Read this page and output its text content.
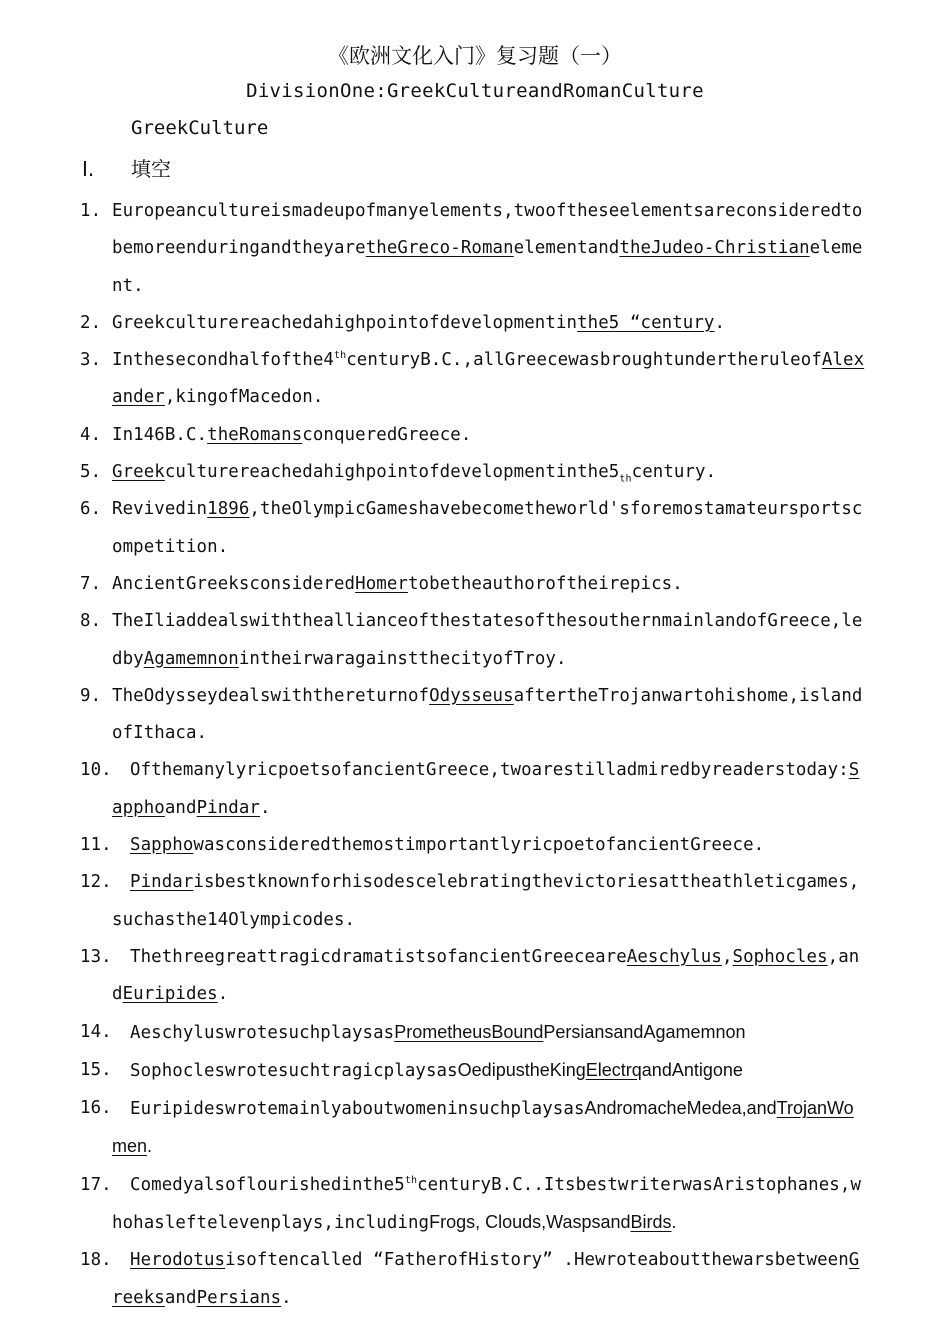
《欧洲文化入门》复习题（一）
DivisionOne:GreekCultureandRomanCulture
GreekCulture
I. 填空
1. Europeancultureismadeupofmanyelements,twooftheseelementsareconsideredtobemoreenduringandtheyaretheGreco-RomanelementandtheJudeo-Christianelement.
2. Greekculturereachedahighpointofdevelopmentinthe5 “century.
3. Inthesecondhalfofthe4thcenturyB.C.,allGreecewasbroughtundertheruleofAlexander,kingofMacedon.
4. In146B.C.theRomansconqueredGreece.
5. $Greekculturereachedahighpointofdevelopmentinthe5_{th}century$.
6. Revivedin1896,theOlympicGameshavebecometheworld'sforemostamateursportscompetition.
7. AncientGreeksconsideredHomertobetheauthoroftheirepics.
8. TheIliaddealswiththeallianceofthestatesofthesouthernmainlandofGreece,ledbyAgamemnonintheirwaragainstthecityofTroy.
9. TheOdysseydealswiththereturnofOdysseusaftertheTrojanwartohishome,islandofIthaca.
10. OfthemanylyricpoetsofancientGreece,twoarestilladmiredbyreaderstoday:SapphoandPindar.
11. SapphowasconsideredthemostimportantlyricpoetofancientGreece.
12. Pindarisbestknownforhisodescelebratingthevictoriesattheathleticgames,suchasthe14Olympicodes.
13. ThethreegreattragicdramatistsofancientGreeceareAeschylus,Sophocles,andEuripides.
14. AeschyluswrotesuchplaysasPrometheusBoundPersiansandAgamemnon
15. SophocleswrotesuchtragicplaysasOedipustheKingElectrqandAntigone
16. EuripideswrotemainlyaboutwomeninsuchplaysasAndromacheMedea,andTrojanWomen.
17. Comedyalsoflourishedinthe5thcenturyB.C..ItsbestwriterwasAristophanes,whohasleftelevenplays,includingFrogs, Clouds,WaspsandBirds.
18. Herodotusisoftencalled “FatherofHistory” .HewroteaboutthewarsbetweenGreeksandPersians.
